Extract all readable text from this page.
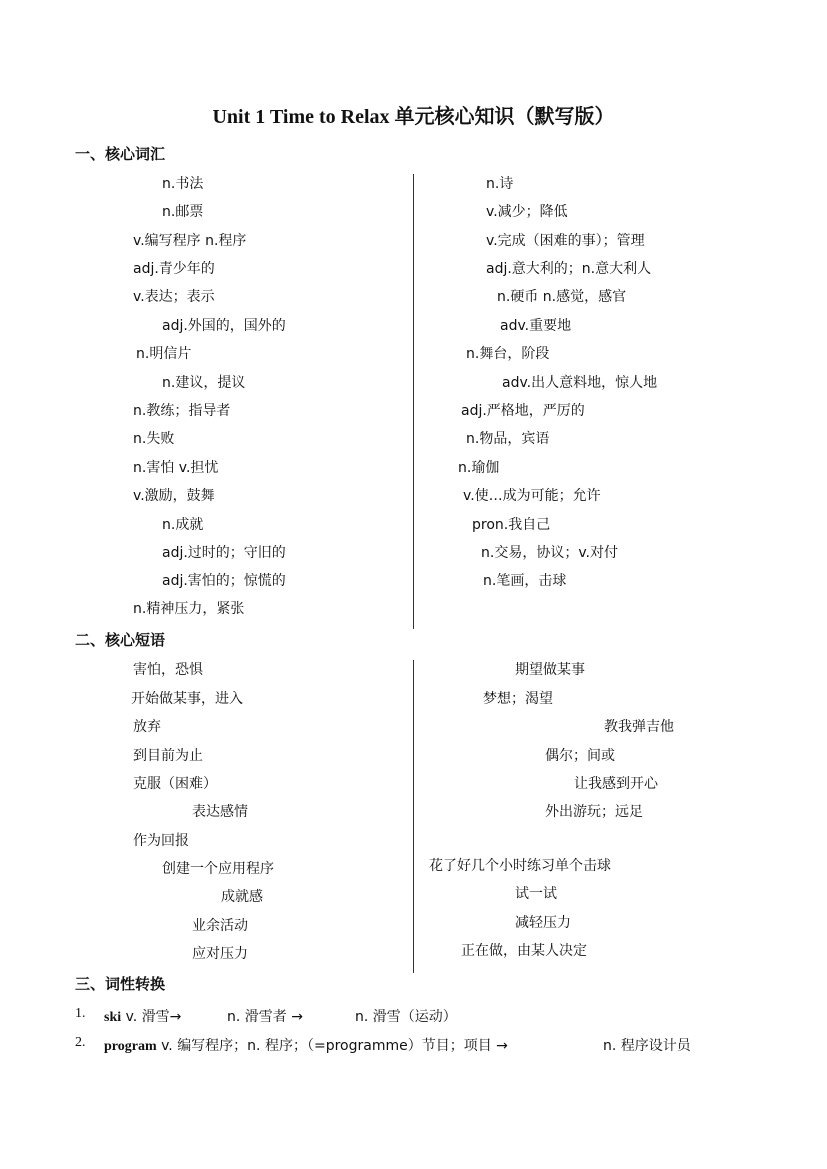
Unit 1 Time to Relax 单元核心知识（默写版）
一、核心词汇
n.书法
n.邮票
v.编写程序 n.程序
adj.青少年的
v.表达；表示
adj.外国的，国外的
n.明信片
n.建议，提议
n.教练；指导者
n.失败
n.害怕 v.担忧
v.激励，鼓舞
n.成就
adj.过时的；守旧的
adj.害怕的；惊慌的
n.精神压力，紧张
n.诗
v.减少；降低
v.完成（困难的事）；管理
adj.意大利的；n.意大利人
n.硬币 n.感觉，感官
adv.重要地
n.舞台，阶段
adv.出人意料地，惊人地
adj.严格地，严厉的
n.物品，宾语
n.瑜伽
v.使…成为可能；允许
pron.我自己
n.交易，协议；v.对付
n.笔画，击球
二、核心短语
害怕，恐惧
开始做某事，进入
放弃
到目前为止
克服（困难）
表达感情
作为回报
创建一个应用程序
成就感
业余活动
应对压力
期望做某事
梦想；渴望
教我弹吉他
偶尔；间或
让我感到开心
外出游玩；远足
花了好几个小时练习单个击球
试一试
减轻压力
正在做，由某人决定
三、词性转换
1. ski v. 滑雪→	n. 滑雪者 →	n. 滑雪（运动）
2. program v. 编写程序；n. 程序；（=programme）节目；项目 →	n. 程序设计员
